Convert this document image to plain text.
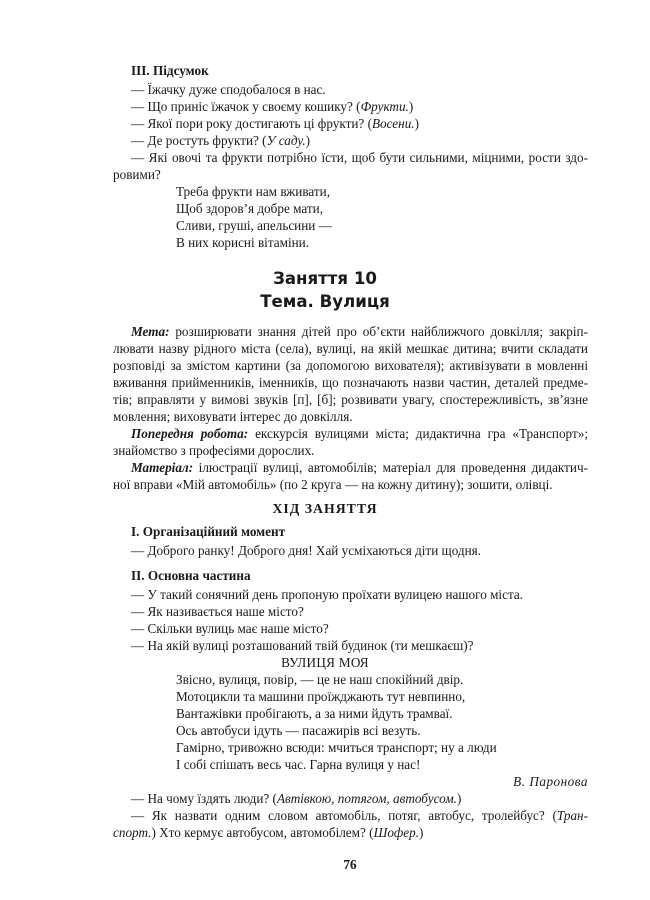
III. Підсумок
— Їжачку дуже сподобалося в нас.
— Що приніс їжачок у своєму кошику? (Фрукти.)
— Якої пори року достигають ці фрукти? (Восени.)
— Де ростуть фрукти? (У саду.)
— Які овочі та фрукти потрібно їсти, щоб бути сильними, міцними, рости здо-
ровими?
Треба фрукти нам вживати,
Щоб здоров’я добре мати,
Сливи, груші, апельсини —
В них корисні вітаміни.
Заняття 10
Тема. Вулиця
Мета: розширювати знання дітей про об’єкти найближчого довкілля; закріп-
лювати назву рідного міста (села), вулиці, на якій мешкає дитина; вчити складати
розповіді за змістом картини (за допомогою вихователя); активізувати в мовленні
вживання прийменників, іменників, що позначають назви частин, деталей предме-
тів; вправляти у вимові звуків [п], [б]; розвивати увагу, спостережливість, зв’язне
мовлення; виховувати інтерес до довкілля.
Попередня робота: екскурсія вулицями міста; дидактична гра «Транспорт»;
знайомство з професіями дорослих.
Матеріал: ілюстрації вулиці, автомобілів; матеріал для проведення дидактич-
ної вправи «Мій автомобіль» (по 2 круга — на кожну дитину); зошити, олівці.
ХІД ЗАНЯТТЯ
I. Організаційний момент
— Доброго ранку! Доброго дня! Хай усміхаються діти щодня.
II. Основна частина
— У такий сонячний день пропоную проїхати вулицею нашого міста.
— Як називається наше місто?
— Скільки вулиць має наше місто?
— На якій вулиці розташований твій будинок (ти мешкаєш)?
ВУЛИЦЯ МОЯ
Звісно, вулиця, повір, — це не наш спокійний двір.
Мотоцикли та машини проїжджають тут невпинно,
Вантажівки пробігають, а за ними йдуть трамваї.
Ось автобуси ідуть — пасажирів всі везуть.
Гамірно, тривожно всюди: мчиться транспорт; ну а люди
І собі спішать весь час. Гарна вулиця у нас!
В. Паронова
— На чому їздять люди? (Автівкою, потягом, автобусом.)
— Як назвати одним словом автомобіль, потяг, автобус, тролейбус? (Тран-
спорт.) Хто кермує автобусом, автомобілем? (Шофер.)
76
